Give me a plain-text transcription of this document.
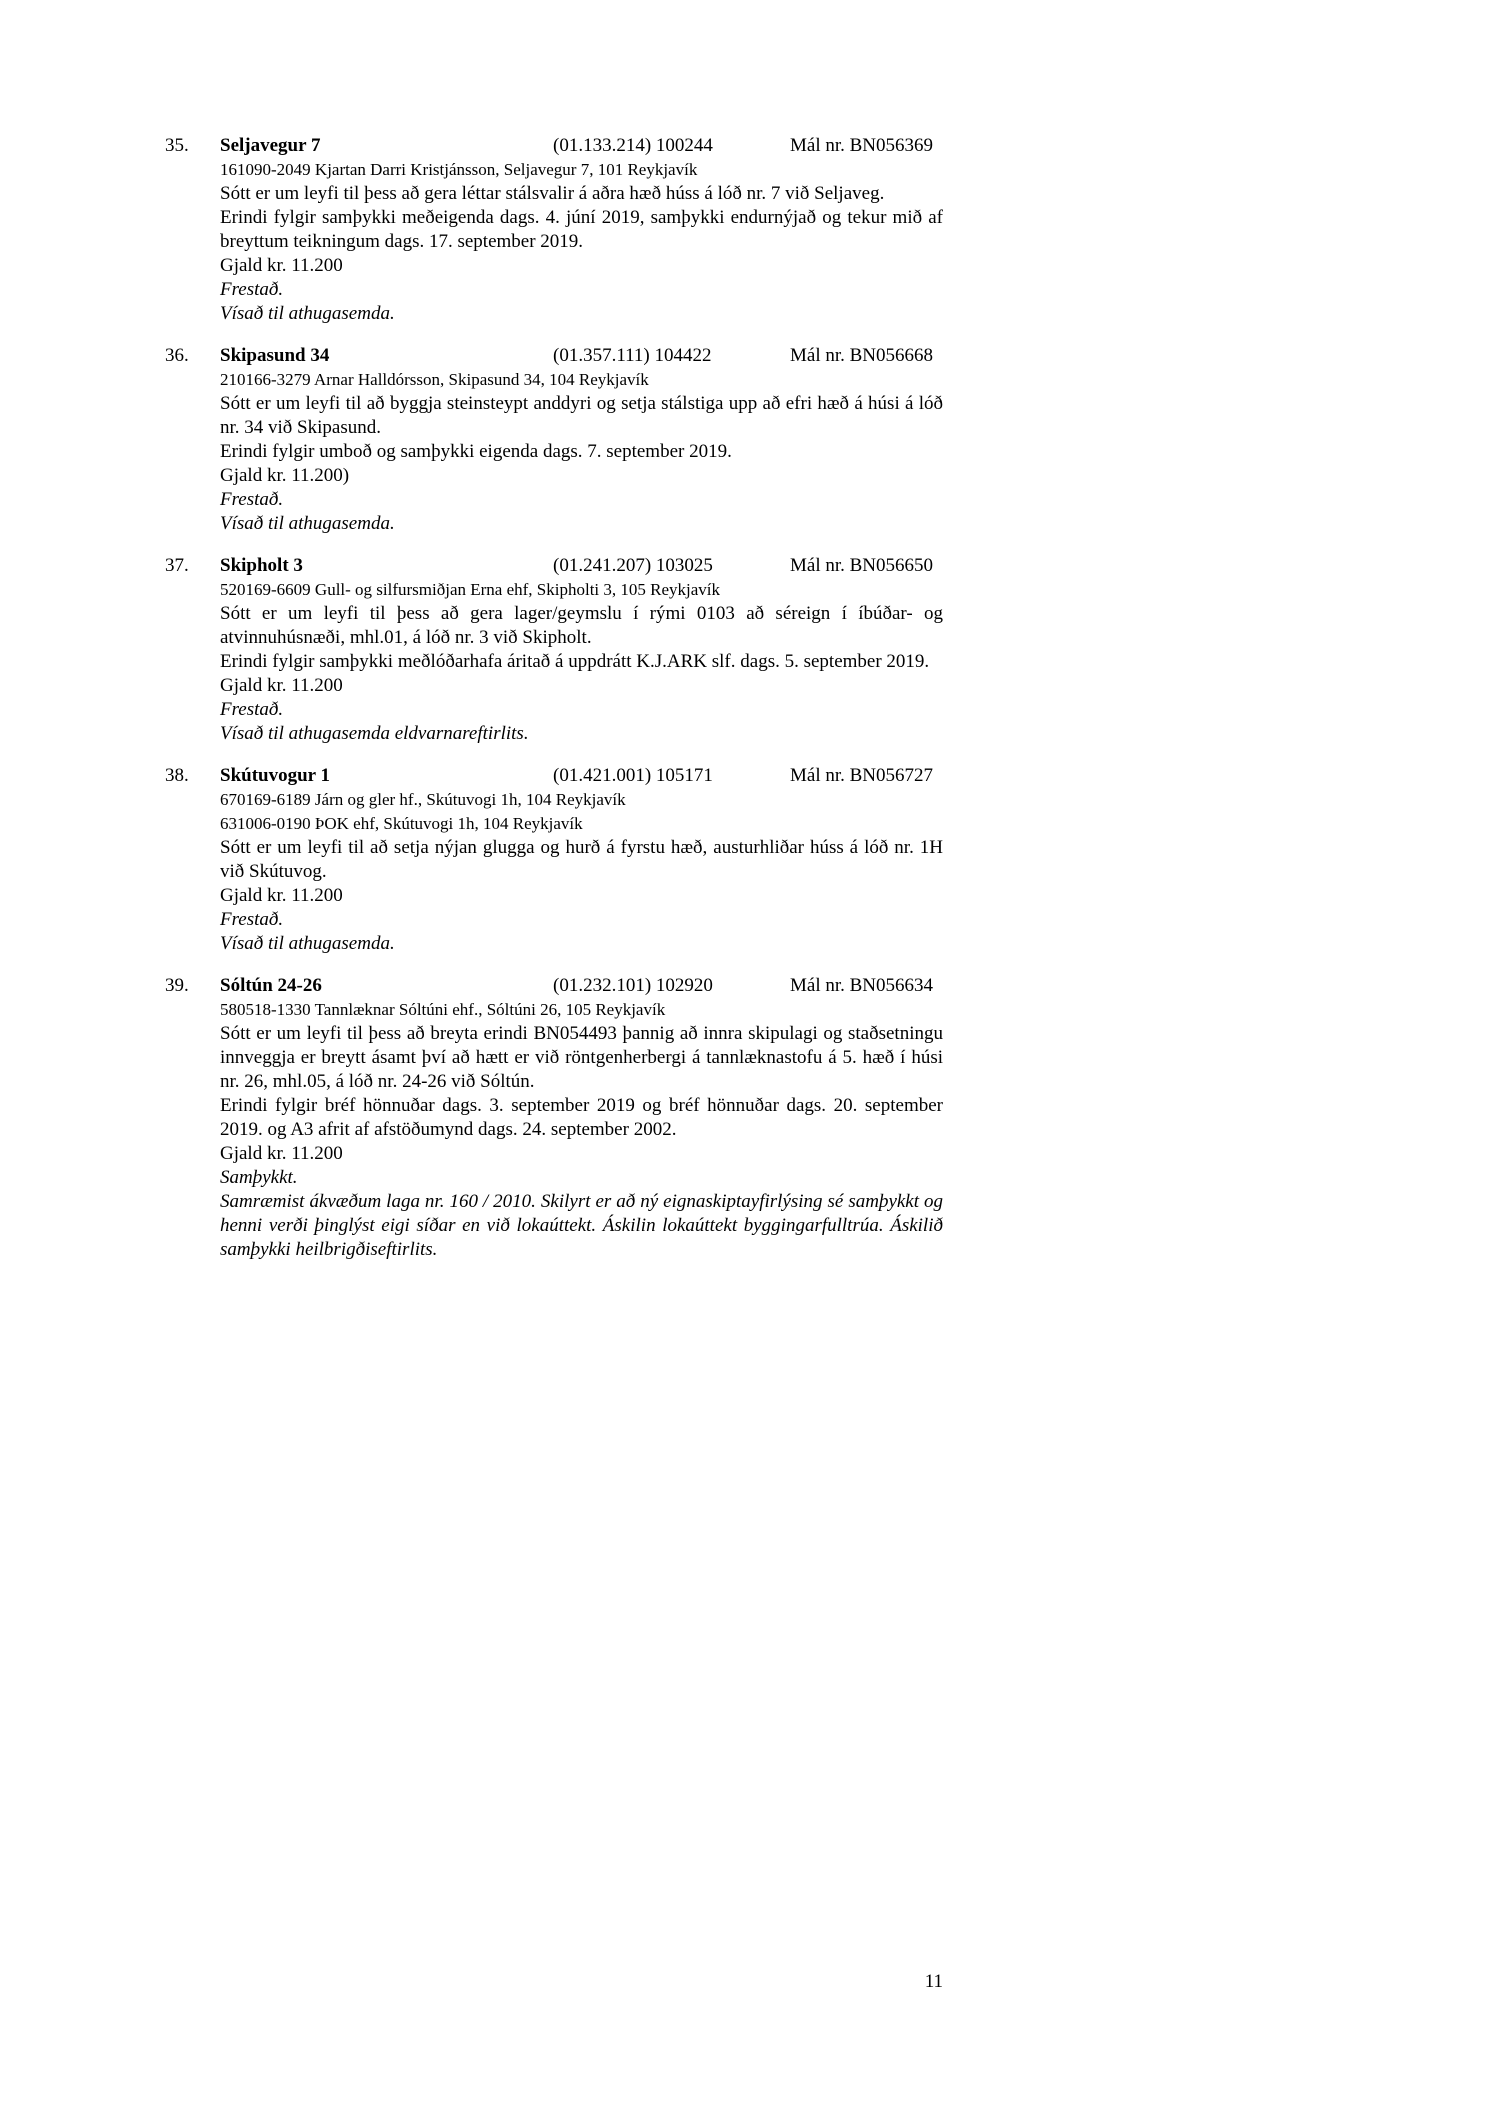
35.	Seljavegur 7	(01.133.214) 100244	Mál nr. BN056369

161090-2049 Kjartan Darri Kristjánsson, Seljavegur 7, 101 Reykjavík

Sótt er um leyfi til þess að gera léttar stálsvalir á aðra hæð húss á lóð nr. 7 við Seljaveg.

Erindi fylgir samþykki meðeigenda dags. 4. júní 2019, samþykki endurnýjað og tekur mið af breyttum teikningum dags. 17. september 2019.

Gjald kr. 11.200

Frestað.

Vísað til athugasemda.

36.	Skipasund 34	(01.357.111) 104422	Mál nr. BN056668

210166-3279 Arnar Halldórsson, Skipasund 34, 104 Reykjavík

Sótt er um leyfi til að byggja steinsteypt anddyri og setja stálstiga upp að efri hæð á húsi á lóð nr. 34 við Skipasund.

Erindi fylgir umboð og samþykki eigenda dags. 7. september 2019.

Gjald kr. 11.200)

Frestað.

Vísað til athugasemda.

37.	Skipholt 3	(01.241.207) 103025	Mál nr. BN056650

520169-6609 Gull- og silfursmiðjan Erna ehf, Skipholti 3, 105 Reykjavík

Sótt er um leyfi til þess að gera lager/geymslu í rými 0103 að séreign í íbúðar- og atvinnuhúsnæði, mhl.01, á lóð nr. 3 við Skipholt.

Erindi fylgir samþykki meðlóðarhafa áritað á uppdrátt K.J.ARK slf. dags. 5. september 2019.

Gjald kr. 11.200

Frestað.

Vísað til athugasemda eldvarnareftirlits.

38.	Skútuvogur 1	(01.421.001) 105171	Mál nr. BN056727

670169-6189 Járn og gler hf., Skútuvogi 1h, 104 Reykjavík

631006-0190 ÞOK ehf, Skútuvogi 1h, 104 Reykjavík

Sótt er um leyfi til að setja nýjan glugga og hurð á fyrstu hæð, austurhliðar húss á lóð nr. 1H við Skútuvog.

Gjald kr. 11.200

Frestað.

Vísað til athugasemda.

39.	Sóltún 24-26	(01.232.101) 102920	Mál nr. BN056634

580518-1330 Tannlæknar Sóltúni ehf., Sóltúni 26, 105 Reykjavík

Sótt er um leyfi til þess að breyta erindi BN054493 þannig að innra skipulagi og staðsetningu innveggja er breytt ásamt því að hætt er við röntgenherbergi á tannlæknastofu á 5. hæð í húsi nr. 26, mhl.05, á lóð nr. 24-26 við Sóltún.

Erindi fylgir bréf hönnuðar dags. 3. september 2019 og bréf hönnuðar dags. 20. september 2019. og A3 afrit af afstöðumynd dags. 24. september 2002.

Gjald kr. 11.200

Samþykkt.

Samræmist ákvæðum laga nr. 160 / 2010. Skilyrt er að ný eignaskiptayfirlýsing sé samþykkt og henni verði þinglýst eigi síðar en við lokaúttekt. Áskilin lokaúttekt byggingarfulltrúa. Áskilið samþykki heilbrigðiseftirlits.

11
